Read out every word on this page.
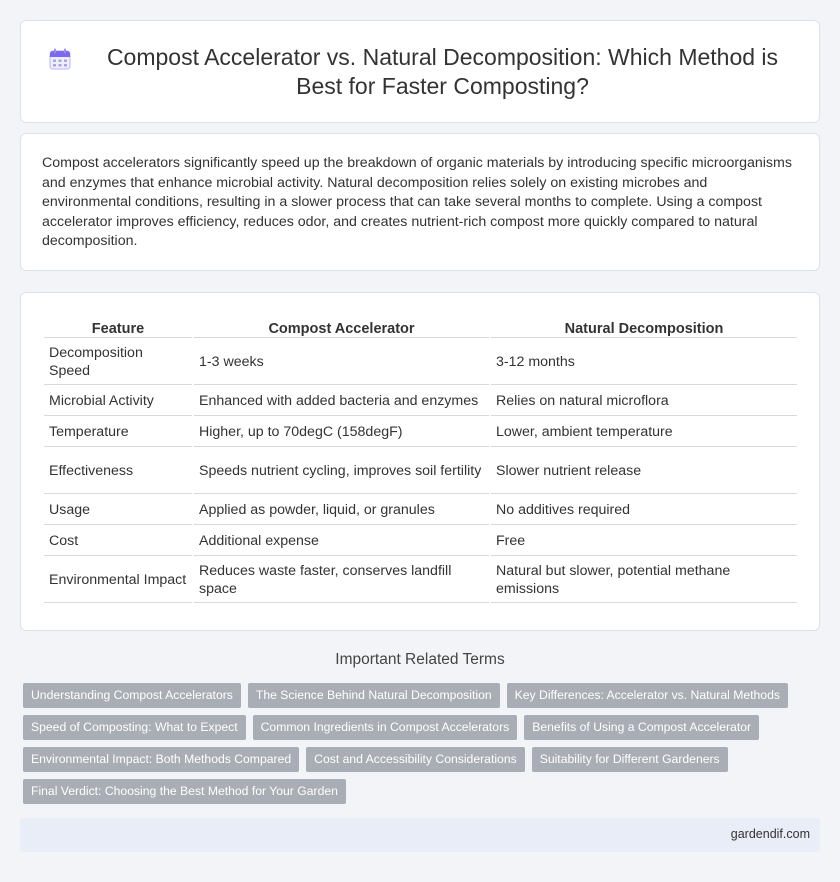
Compost Accelerator vs. Natural Decomposition: Which Method is Best for Faster Composting?

Compost accelerators significantly speed up the breakdown of organic materials by introducing specific microorganisms and enzymes that enhance microbial activity. Natural decomposition relies solely on existing microbes and environmental conditions, resulting in a slower process that can take several months to complete. Using a compost accelerator improves efficiency, reduces odor, and creates nutrient-rich compost more quickly compared to natural decomposition.

Feature	Compost Accelerator	Natural Decomposition
Decomposition Speed	1-3 weeks	3-12 months
Microbial Activity	Enhanced with added bacteria and enzymes	Relies on natural microflora
Temperature	Higher, up to 70degC (158degF)	Lower, ambient temperature
Effectiveness	Speeds nutrient cycling, improves soil fertility	Slower nutrient release
Usage	Applied as powder, liquid, or granules	No additives required
Cost	Additional expense	Free
Environmental Impact	Reduces waste faster, conserves landfill space	Natural but slower, potential methane emissions
Important Related Terms
Understanding Compost Accelerators	The Science Behind Natural Decomposition	Key Differences: Accelerator vs. Natural Methods
Speed of Composting: What to Expect	Common Ingredients in Compost Accelerators	Benefits of Using a Compost Accelerator
Environmental Impact: Both Methods Compared	Cost and Accessibility Considerations	Suitability for Different Gardeners
Final Verdict: Choosing the Best Method for Your Garden
gardendif.com
